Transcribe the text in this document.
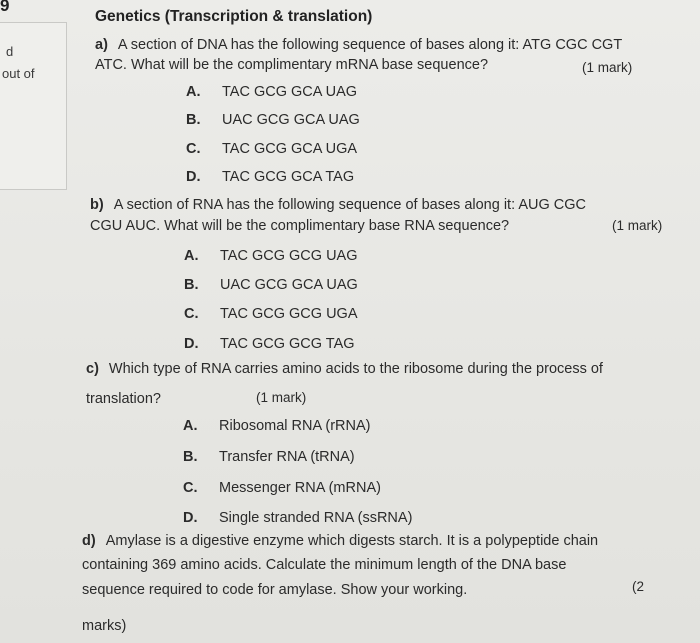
9
d
out of
Genetics (Transcription & translation)
a) A section of DNA has the following sequence of bases along it: ATG CGC CGT
ATC. What will be the complimentary mRNA base sequence?	(1 mark)
A. TAC GCG GCA UAG
B. UAC GCG GCA UAG
C. TAC GCG GCA UGA
D. TAC GCG GCA TAG
b) A section of RNA has the following sequence of bases along it: AUG CGC
CGU AUC. What will be the complimentary base RNA sequence?	(1 mark)
A. TAC GCG GCG UAG
B. UAC GCG GCA UAG
C. TAC GCG GCG UGA
D. TAC GCG GCG TAG
c) Which type of RNA carries amino acids to the ribosome during the process of
translation?	(1 mark)
A. Ribosomal RNA (rRNA)
B. Transfer RNA (tRNA)
C. Messenger RNA (mRNA)
D. Single stranded RNA (ssRNA)
d) Amylase is a digestive enzyme which digests starch. It is a polypeptide chain
containing 369 amino acids. Calculate the minimum length of the DNA base
sequence required to code for amylase. Show your working.	(2
marks)
